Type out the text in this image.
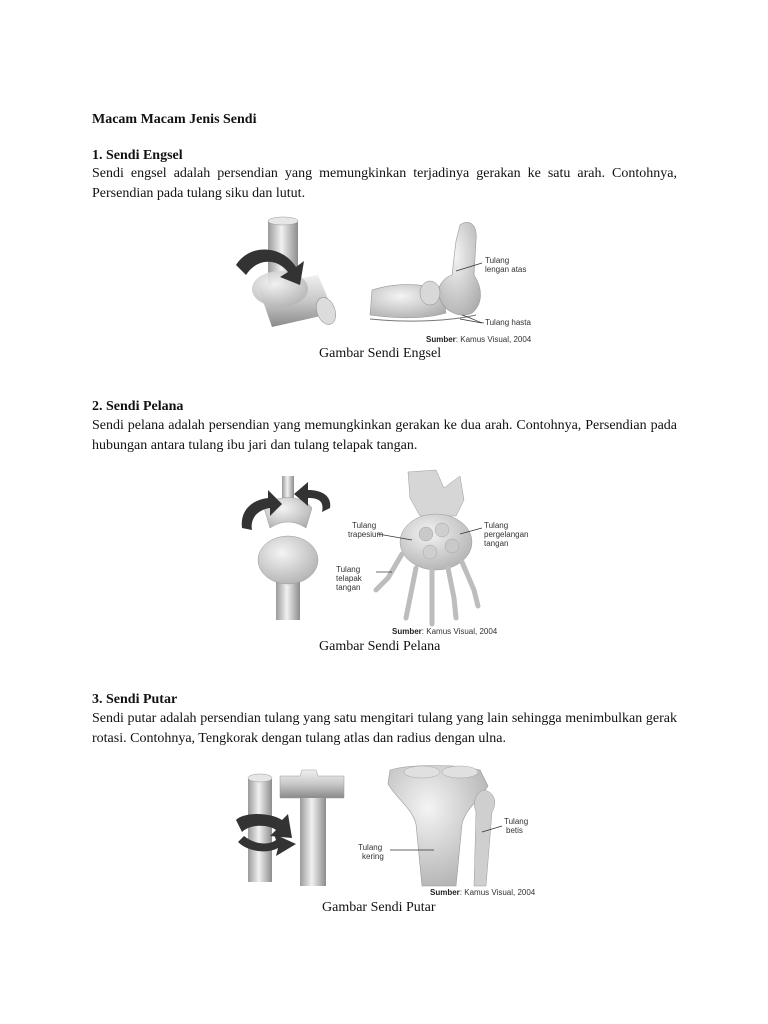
Macam Macam Jenis Sendi
1. Sendi Engsel
Sendi engsel adalah persendian yang memungkinkan terjadinya gerakan ke satu arah. Contohnya, Persendian pada tulang siku dan lutut.
Tulang
lengan atas
Tulang hasta
Sumber: Kamus Visual, 2004
Gambar Sendi Engsel
2. Sendi Pelana
Sendi pelana adalah persendian yang memungkinkan gerakan ke dua arah. Contohnya, Persendian pada hubungan antara tulang ibu jari dan tulang telapak tangan.
Tulang
trapesium
Tulang
pergelangan
tangan
Tulang
telapak
tangan
Sumber: Kamus Visual, 2004
Gambar Sendi Pelana
3. Sendi Putar
Sendi putar adalah persendian tulang yang satu mengitari tulang yang lain sehingga menimbulkan gerak rotasi. Contohnya, Tengkorak dengan tulang atlas dan radius dengan ulna.
Tulang
betis
Tulang
kering
Sumber: Kamus Visual, 2004
Gambar Sendi Putar
